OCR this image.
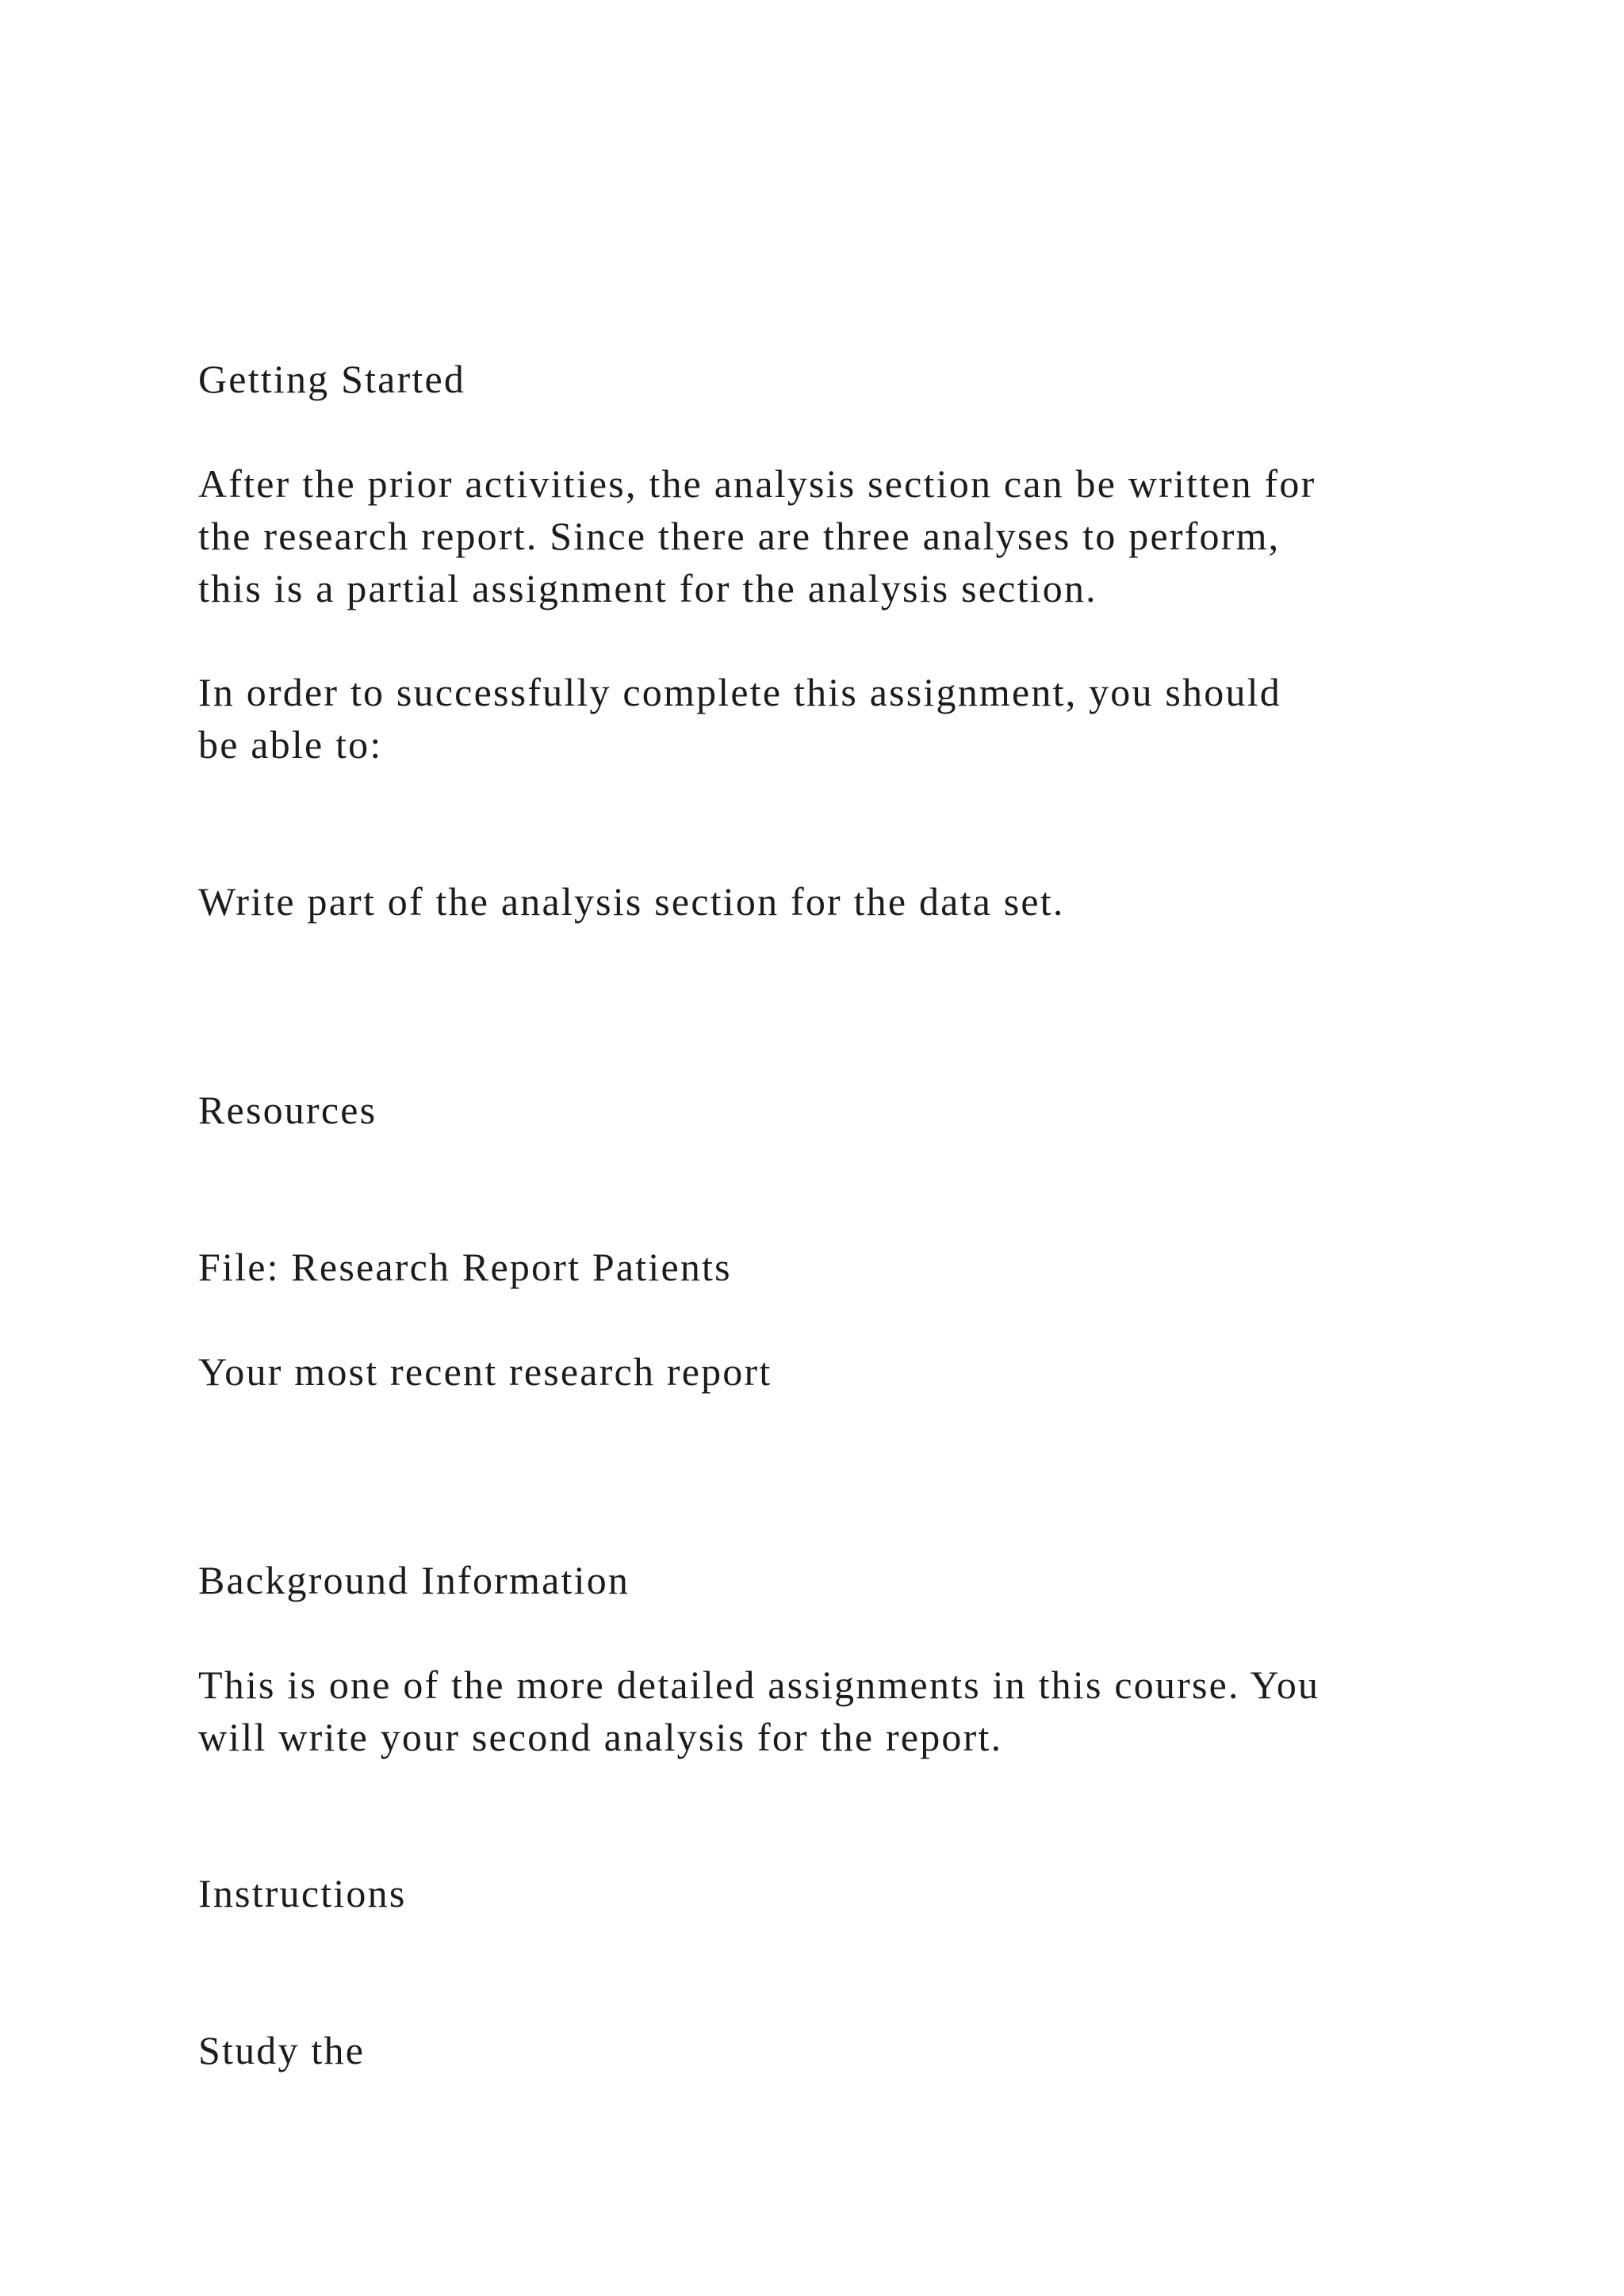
Getting Started

After the prior activities, the analysis section can be written for

the research report. Since there are three analyses to perform,

this is a partial assignment for the analysis section.

In order to successfully complete this assignment, you should

be able to:

Write part of the analysis section for the data set.

Resources

File: Research Report Patients

Your most recent research report

Background Information

This is one of the more detailed assignments in this course. You

will write your second analysis for the report.

Instructions

Study the
